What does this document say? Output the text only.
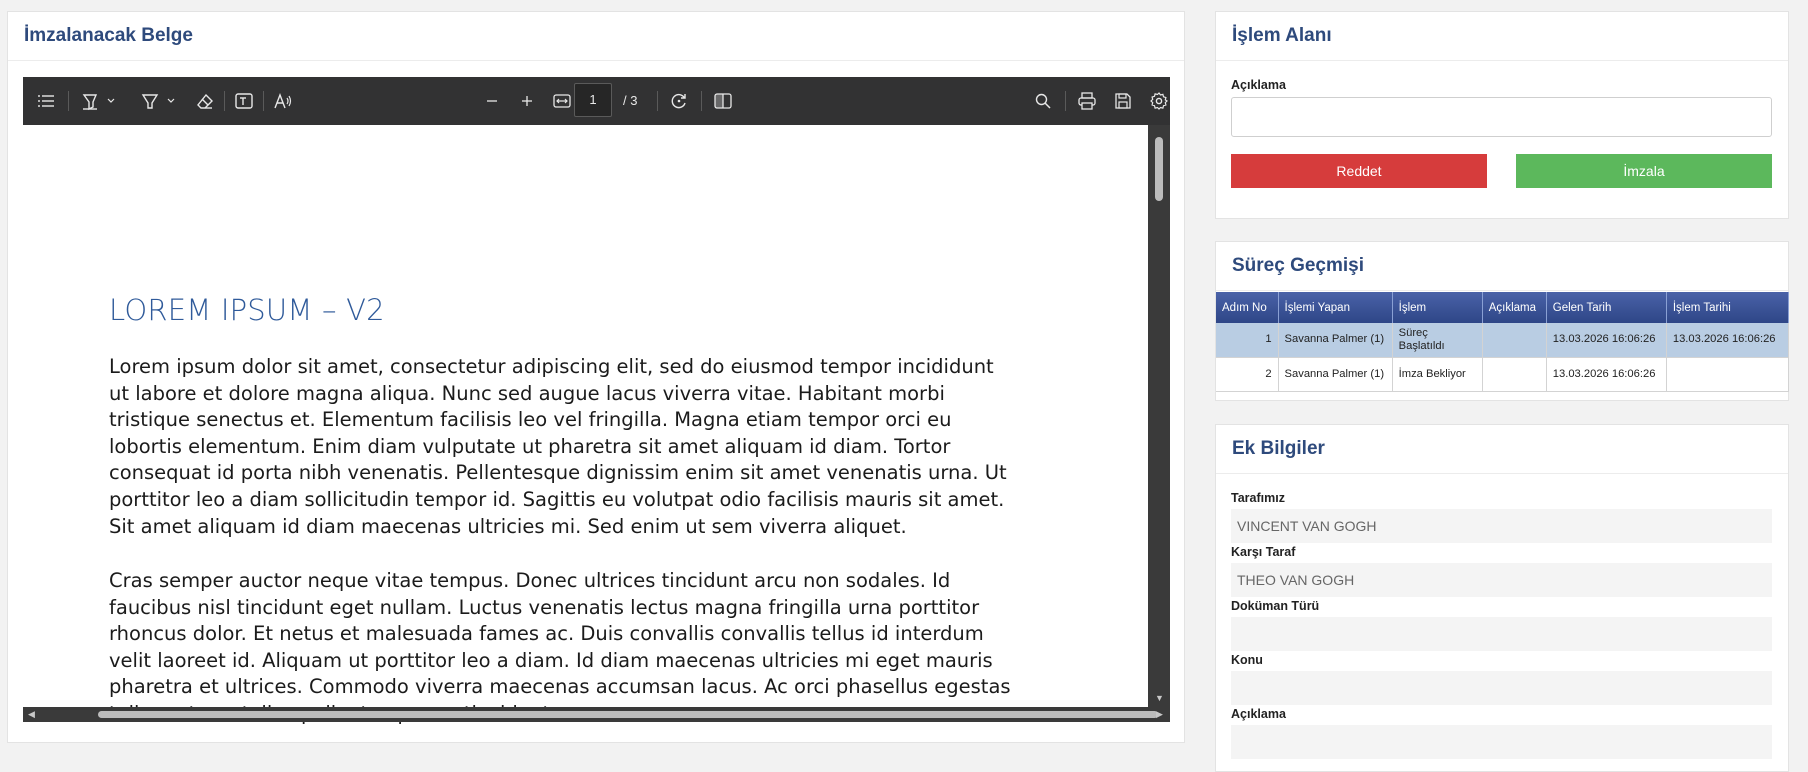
İmzalanacak Belge
1	/ 3
LOREM IPSUM – V2
Lorem ipsum dolor sit amet, consectetur adipiscing elit, sed do eiusmod tempor incididunt ut labore et dolore magna aliqua. Nunc sed augue lacus viverra vitae. Habitant morbi tristique senectus et. Elementum facilisis leo vel fringilla. Magna etiam tempor orci eu lobortis elementum. Enim diam vulputate ut pharetra sit amet aliquam id diam. Tortor consequat id porta nibh venenatis. Pellentesque dignissim enim sit amet venenatis urna. Ut porttitor leo a diam sollicitudin tempor id. Sagittis eu volutpat odio facilisis mauris sit amet. Sit amet aliquam id diam maecenas ultricies mi. Sed enim ut sem viverra aliquet.
Cras semper auctor neque vitae tempus. Donec ultrices tincidunt arcu non sodales. Id faucibus nisl tincidunt eget nullam. Luctus venenatis lectus magna fringilla urna porttitor rhoncus dolor. Et netus et malesuada fames ac. Duis convallis convallis tellus id interdum velit laoreet id. Aliquam ut porttitor leo a diam. Id diam maecenas ultricies mi eget mauris pharetra et ultrices. Commodo viverra maecenas accumsan lacus. Ac orci phasellus egestas	▼
◀	▶
İşlem Alanı
Açıklama
Reddet	İmzala
Süreç Geçmişi
Adım No	İşlemi Yapan	İşlem	Açıklama	Gelen Tarih	İşlem Tarihi
1	Savanna Palmer (1)	Süreç Başlatıldı		13.03.2026 16:06:26	13.03.2026 16:06:26
2	Savanna Palmer (1)	İmza Bekliyor		13.03.2026 16:06:26	
Ek Bilgiler
Tarafımız
VINCENT VAN GOGH
Karşı Taraf
THEO VAN GOGH
Doküman Türü
Konu
Açıklama
